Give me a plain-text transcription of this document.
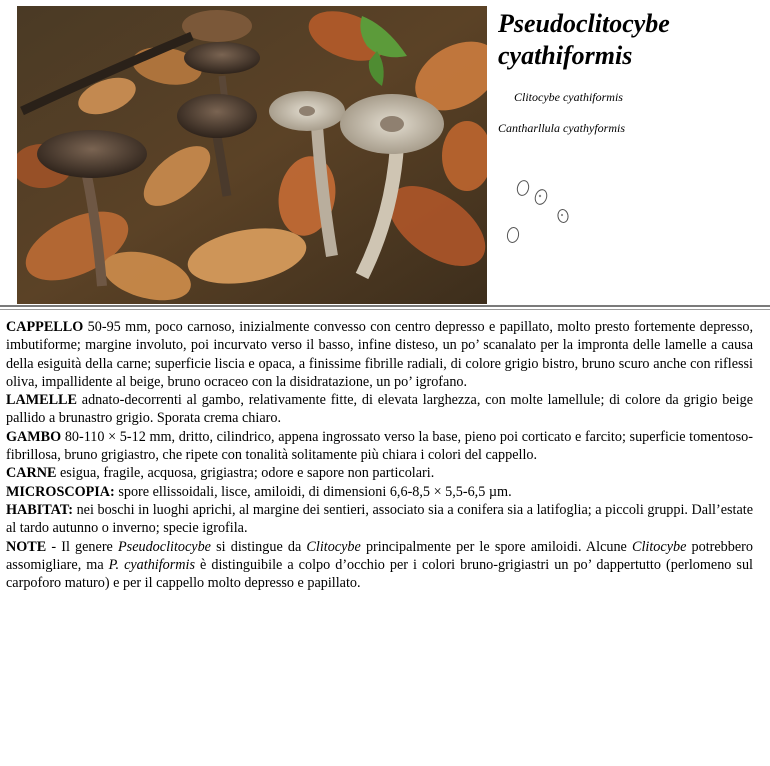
Pseudoclitocybe
cyathiformis
Clitocybe cyathiformis
Cantharllula cyathyformis

CAPPELLO 50-95 mm, poco carnoso, inizialmente convesso con centro depresso e papillato, molto presto fortemente depresso, imbutiforme; margine involuto, poi incurvato verso il basso, infine disteso, un po’ scanalato per la impronta delle lamelle a causa della esiguità della carne; superficie liscia e opaca, a finissime fibrille radiali, di colore grigio bistro, bruno scuro anche con riflessi oliva, impallidente al beige, bruno ocraceo con la disidratazione, un po’ igrofano.

LAMELLE adnato-decorrenti al gambo, relativamente fitte, di elevata larghezza, con molte lamellule; di colore da grigio beige pallido a brunastro grigio. Sporata crema chiaro.

GAMBO 80-110 × 5-12 mm, dritto, cilindrico, appena ingrossato verso la base, pieno poi corticato e farcito; superficie tomentoso-fibrillosa, bruno grigiastro, che ripete con tonalità solitamente più chiara i colori del cappello.

CARNE esigua, fragile, acquosa, grigiastra; odore e sapore non particolari.

MICROSCOPIA: spore ellissoidali, lisce, amiloidi, di dimensioni 6,6-8,5 × 5,5-6,5 µm.

HABITAT: nei boschi in luoghi aprichi, al margine dei sentieri, associato sia a conifera sia a latifoglia; a piccoli gruppi. Dall’estate al tardo autunno o inverno; specie igrofila.

NOTE - Il genere Pseudoclitocybe si distingue da Clitocybe principalmente per le spore amiloidi. Alcune Clitocybe potrebbero assomigliare, ma P. cyathiformis è distinguibile a colpo d’occhio per i colori bruno-grigiastri un po’ dappertutto (perlomeno sul carpoforo maturo) e per il cappello molto depresso e papillato.
